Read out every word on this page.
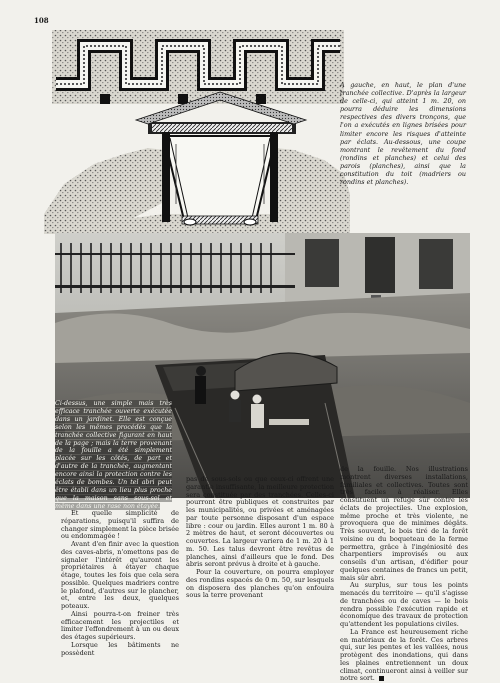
108
A gauche, en haut, le plan d'une tranchée collective. D'après la largeur de celle-ci, qui atteint 1 m. 20, on pourra déduire les dimensions respectives des divers tronçons, que l'on a exécutés en lignes brisées pour limiter encore les risques d'atteinte par éclats. Au-dessous, une coupe montrant le revêtement du fond (rondins et planches) et celui des parois (planches), ainsi que la constitution du toit (madriers ou rondins et planches).
Ci-dessus, une simple mais très efficace tranchée ouverte exécutée dans un jardinet. Elle est conçue selon les mêmes procédés que la tranchée collective figurant en haut de la page ; mais la terre provenant de la fouille a été simplement placée sur les côtés, de part et d'autre de la tranchée, augmentant encore ainsi la protection contre les éclats de bombes. Un tel abri peut être établi dans un lieu plus proche que la maison sans sous-sol et même dans une rase non étayée.

Et quelle simplicité de réparations, puisqu'il suffira de changer simplement la pièce brisée ou endommagée !

Avant d'en finir avec la question des caves-abris, n'omettons pas de signaler l'intérêt qu'auront les propriétaires à étayer chaque étage, toutes les fois que cela sera possible. Quelques madriers contre le plafond, d'autres sur le plancher, et, entre les deux, quelques poteaux.

Ainsi pourra-t-on freiner très efficacement les projectiles et limiter l'effondrement à un ou deux des étages supérieurs.

Lorsque les bâtiments ne possèdent

pas de sous-sols ou que ceux-ci offrent une garantie insuffisante, la meilleure protection sera constituée par des tranchées. Celles-ci pourront être publiques et construites par les municipalités, ou privées et aménagées par toute personne disposant d'un espace libre : cour ou jardin. Elles auront 1 m. 80 à 2 mètres de haut, et seront découvertes ou couvertes. La largeur variera de 1 m. 20 à 1 m. 50. Les talus devront être revêtus de planches, ainsi d'ailleurs que le fond. Des abris seront prévus à droite et à gauche.

Pour la couverture, on pourra employer des rondins espacés de 0 m. 50, sur lesquels on disposera des planches qu'on enfouira sous la terre provenant

de la fouille. Nos illustrations montrent diverses installations, familiales et collectives. Toutes sont très faciles à réaliser. Elles constituent un refuge sûr contre les éclats de projectiles. Une explosion, même proche et très violente, ne provoquera que de minimes dégâts. Très souvent, le bois tiré de la forêt voisine ou du boqueteau de la ferme permettra, grâce à l'ingéniosité des charpentiers improvisés ou aux conseils d'un artisan, d'édifier pour quelques centaines de francs un petit, mais sûr abri.

Au surplus, sur tous les points menacés du territoire — qu'il s'agisse de tranchées ou de caves — le bois rendra possible l'exécution rapide et économique des travaux de protection qu'attendent les populations civiles.

La France est heureusement riche en matériaux de la forêt. Ces arbres qui, sur les pentes et les vallées, nous protègent des inondations, qui dans les plaines entretiennent un doux climat, continueront ainsi à veiller sur notre sort.
